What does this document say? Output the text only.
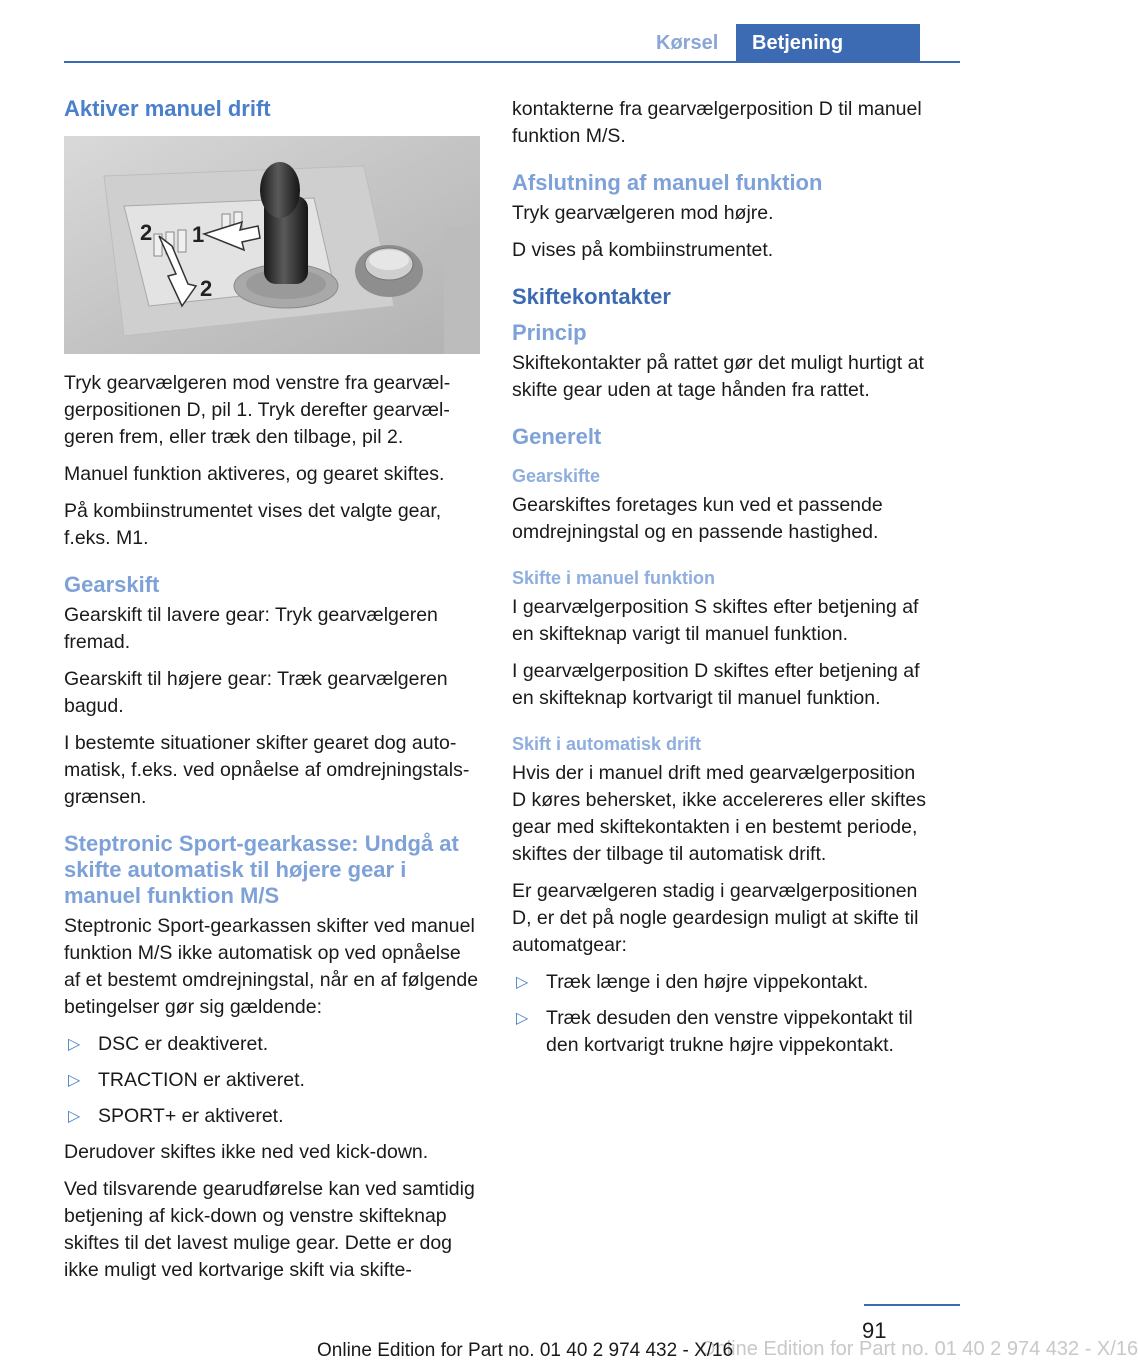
Kørsel	Betjening
Aktiver manuel drift
1
2
2

Tryk gearvælgeren mod venstre fra gearvælgerpositionen D, pil 1. Tryk derefter gearvælgeren frem, eller træk den tilbage, pil 2.

Manuel funktion aktiveres, og gearet skiftes.

På kombiinstrumentet vises det valgte gear, f.eks. M1.

Gearskift

Gearskift til lavere gear: Tryk gearvælgeren fremad.

Gearskift til højere gear: Træk gearvælgeren bagud.

I bestemte situationer skifter gearet dog automatisk, f.eks. ved opnåelse af omdrejningstalsgrænsen.

Steptronic Sport-gearkasse: Undgå at skifte automatisk til højere gear i manuel funktion M/S

Steptronic Sport-gearkassen skifter ved manuel funktion M/S ikke automatisk op ved opnåelse af et bestemt omdrejningstal, når en af følgende betingelser gør sig gældende:

▷ DSC er deaktiveret.
▷ TRACTION er aktiveret.
▷ SPORT+ er aktiveret.

Derudover skiftes ikke ned ved kick-down.

Ved tilsvarende gearudførelse kan ved samtidig betjening af kick-down og venstre skifteknap skiftes til det lavest mulige gear. Dette er dog ikke muligt ved kortvarige skift via skifte-

kontakterne fra gearvælgerposition D til manuel funktion M/S.

Afslutning af manuel funktion

Tryk gearvælgeren mod højre.

D vises på kombiinstrumentet.

Skiftekontakter
Princip

Skiftekontakter på rattet gør det muligt hurtigt at skifte gear uden at tage hånden fra rattet.

Generelt
Gearskifte

Gearskiftes foretages kun ved et passende omdrejningstal og en passende hastighed.

Skifte i manuel funktion

I gearvælgerposition S skiftes efter betjening af en skifteknap varigt til manuel funktion.

I gearvælgerposition D skiftes efter betjening af en skifteknap kortvarigt til manuel funktion.

Skift i automatisk drift

Hvis der i manuel drift med gearvælgerposition D køres behersket, ikke accelereres eller skiftes gear med skiftekontakten i en bestemt periode, skiftes der tilbage til automatisk drift.

Er gearvælgeren stadig i gearvælgerpositionen D, er det på nogle geardesign muligt at skifte til automatgear:

▷ Træk længe i den højre vippekontakt.
▷ Træk desuden den venstre vippekontakt til den kortvarigt trukne højre vippekontakt.
91
Online Edition for Part no. 01 40 2 974 432 - X/16
Online Edition for Part no. 01 40 2 974 432 - X/16
